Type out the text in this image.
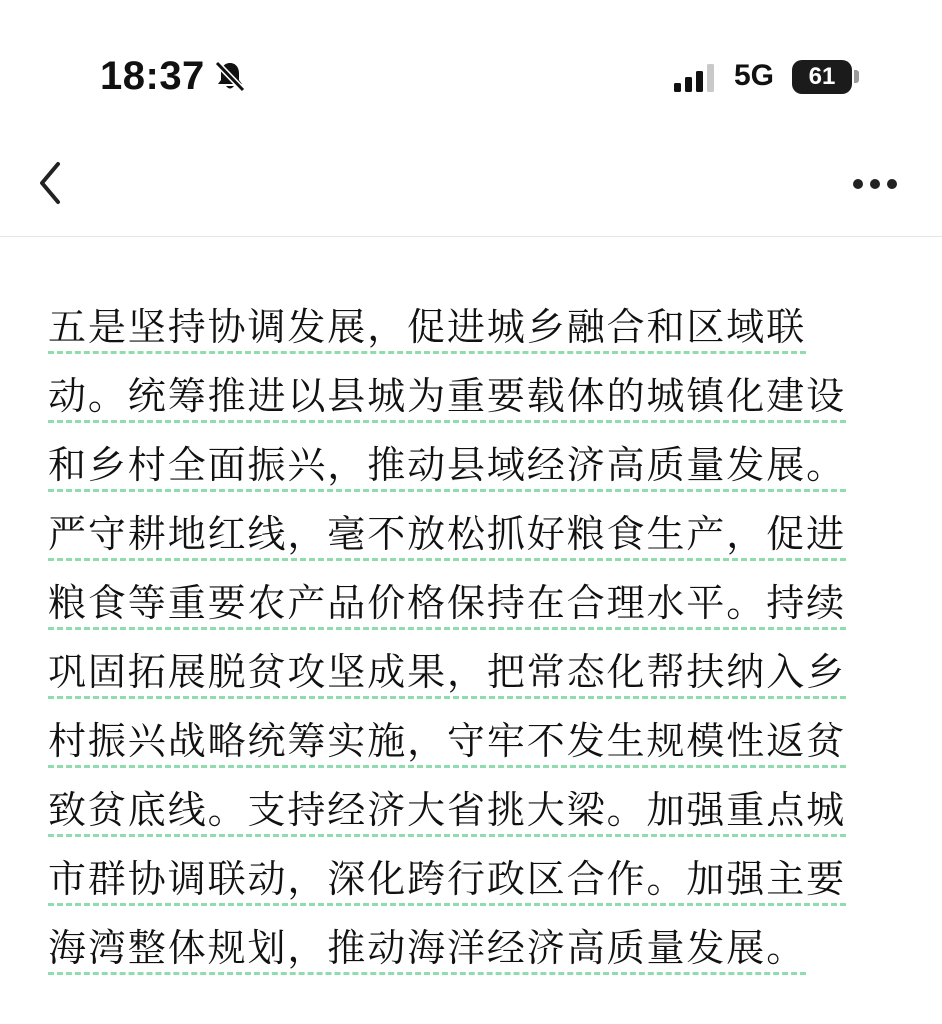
18:37	5G	61
五是坚持协调发展，促进城乡融合和区域联
动。统筹推进以县城为重要载体的城镇化建设
和乡村全面振兴，推动县域经济高质量发展。
严守耕地红线，毫不放松抓好粮食生产，促进
粮食等重要农产品价格保持在合理水平。持续
巩固拓展脱贫攻坚成果，把常态化帮扶纳入乡
村振兴战略统筹实施，守牢不发生规模性返贫
致贫底线。支持经济大省挑大梁。加强重点城
市群协调联动，深化跨行政区合作。加强主要
海湾整体规划，推动海洋经济高质量发展。
